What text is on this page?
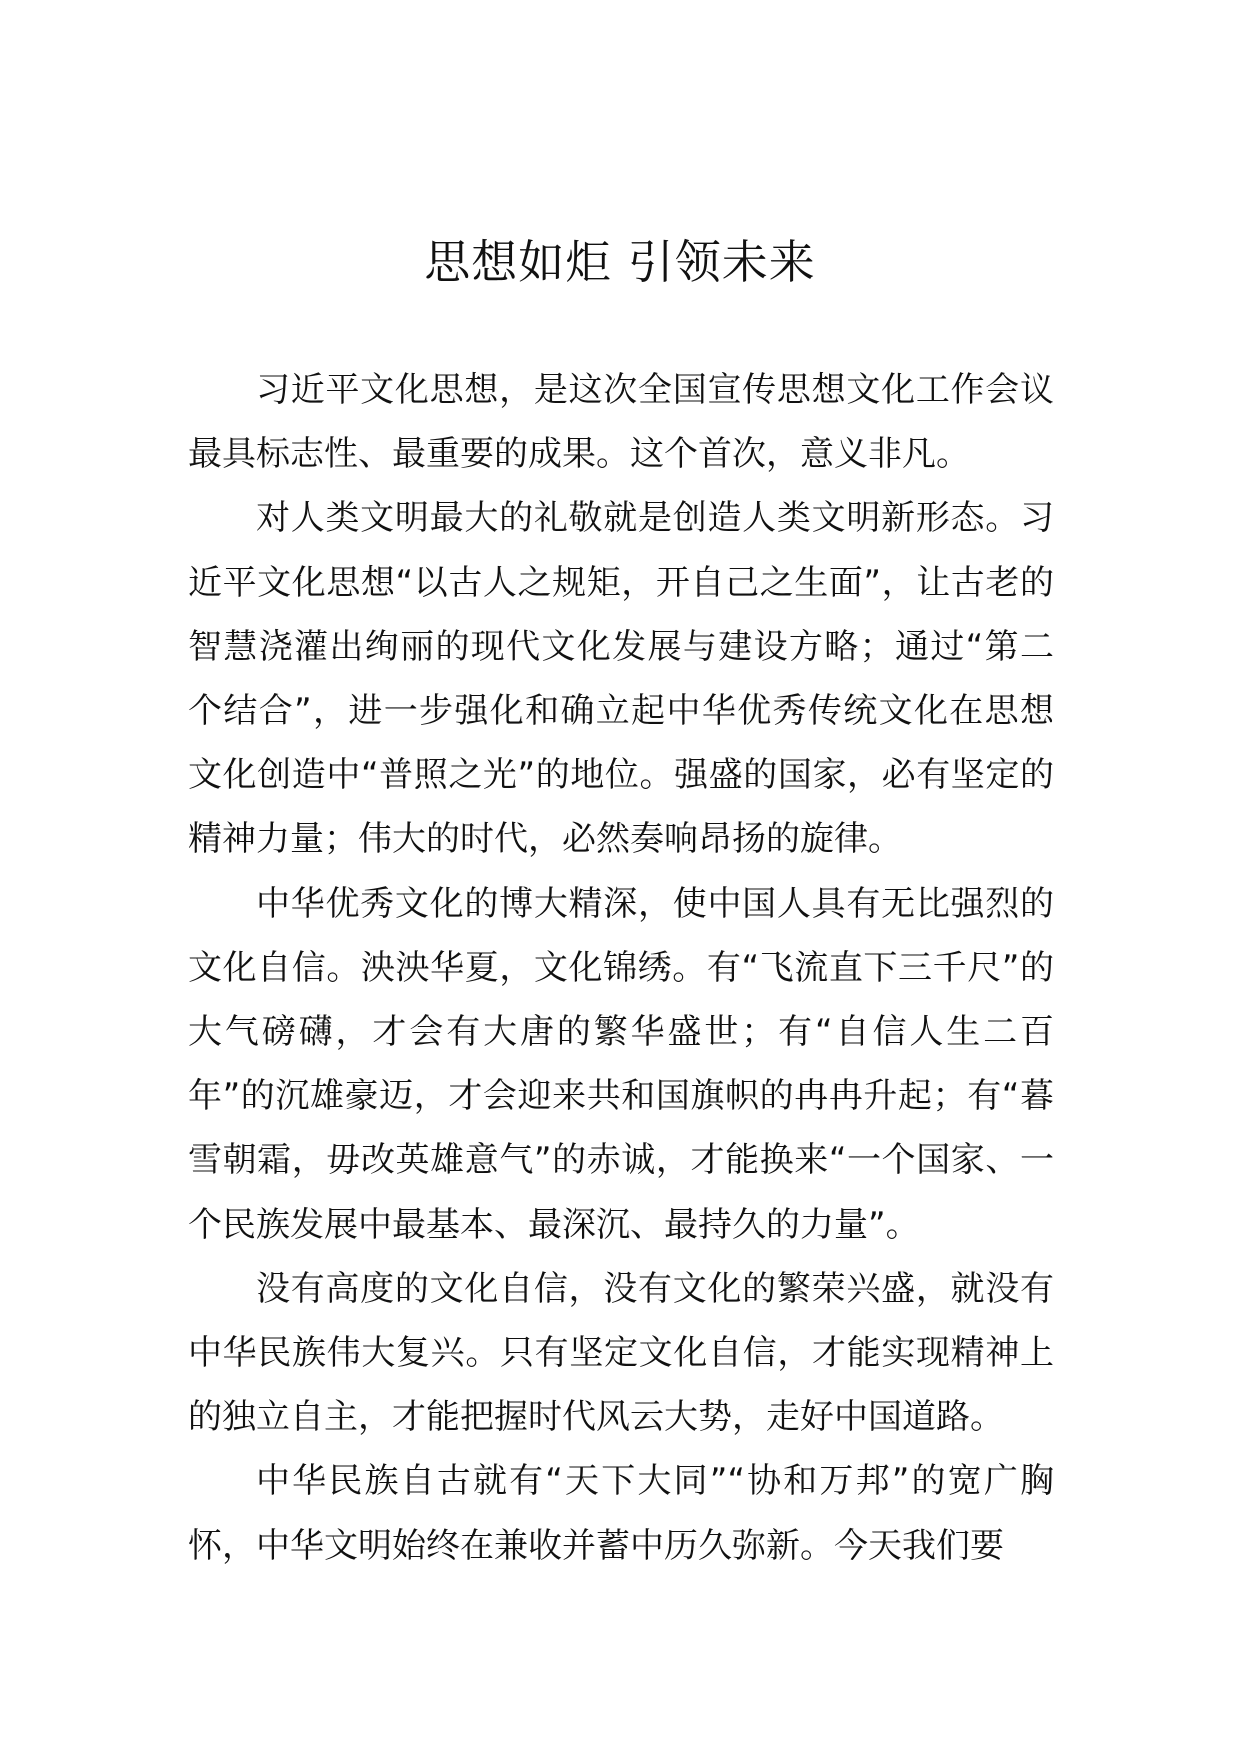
思想如炬 引领未来

习近平文化思想，是这次全国宣传思想文化工作会议最具标志性、最重要的成果。这个首次，意义非凡。

对人类文明最大的礼敬就是创造人类文明新形态。习近平文化思想“以古人之规矩，开自己之生面”，让古老的智慧浇灌出绚丽的现代文化发展与建设方略；通过“第二个结合”，进一步强化和确立起中华优秀传统文化在思想文化创造中“普照之光”的地位。强盛的国家，必有坚定的精神力量；伟大的时代，必然奏响昂扬的旋律。

中华优秀文化的博大精深，使中国人具有无比强烈的文化自信。泱泱华夏，文化锦绣。有“飞流直下三千尺”的大气磅礴，才会有大唐的繁华盛世；有“自信人生二百年”的沉雄豪迈，才会迎来共和国旗帜的冉冉升起；有“暮雪朝霜，毋改英雄意气”的赤诚，才能换来“一个国家、一个民族发展中最基本、最深沉、最持久的力量”。

没有高度的文化自信，没有文化的繁荣兴盛，就没有中华民族伟大复兴。只有坚定文化自信，才能实现精神上的独立自主，才能把握时代风云大势，走好中国道路。

中华民族自古就有“天下大同”“协和万邦”的宽广胸怀，中华文明始终在兼收并蓄中历久弥新。今天我们要
